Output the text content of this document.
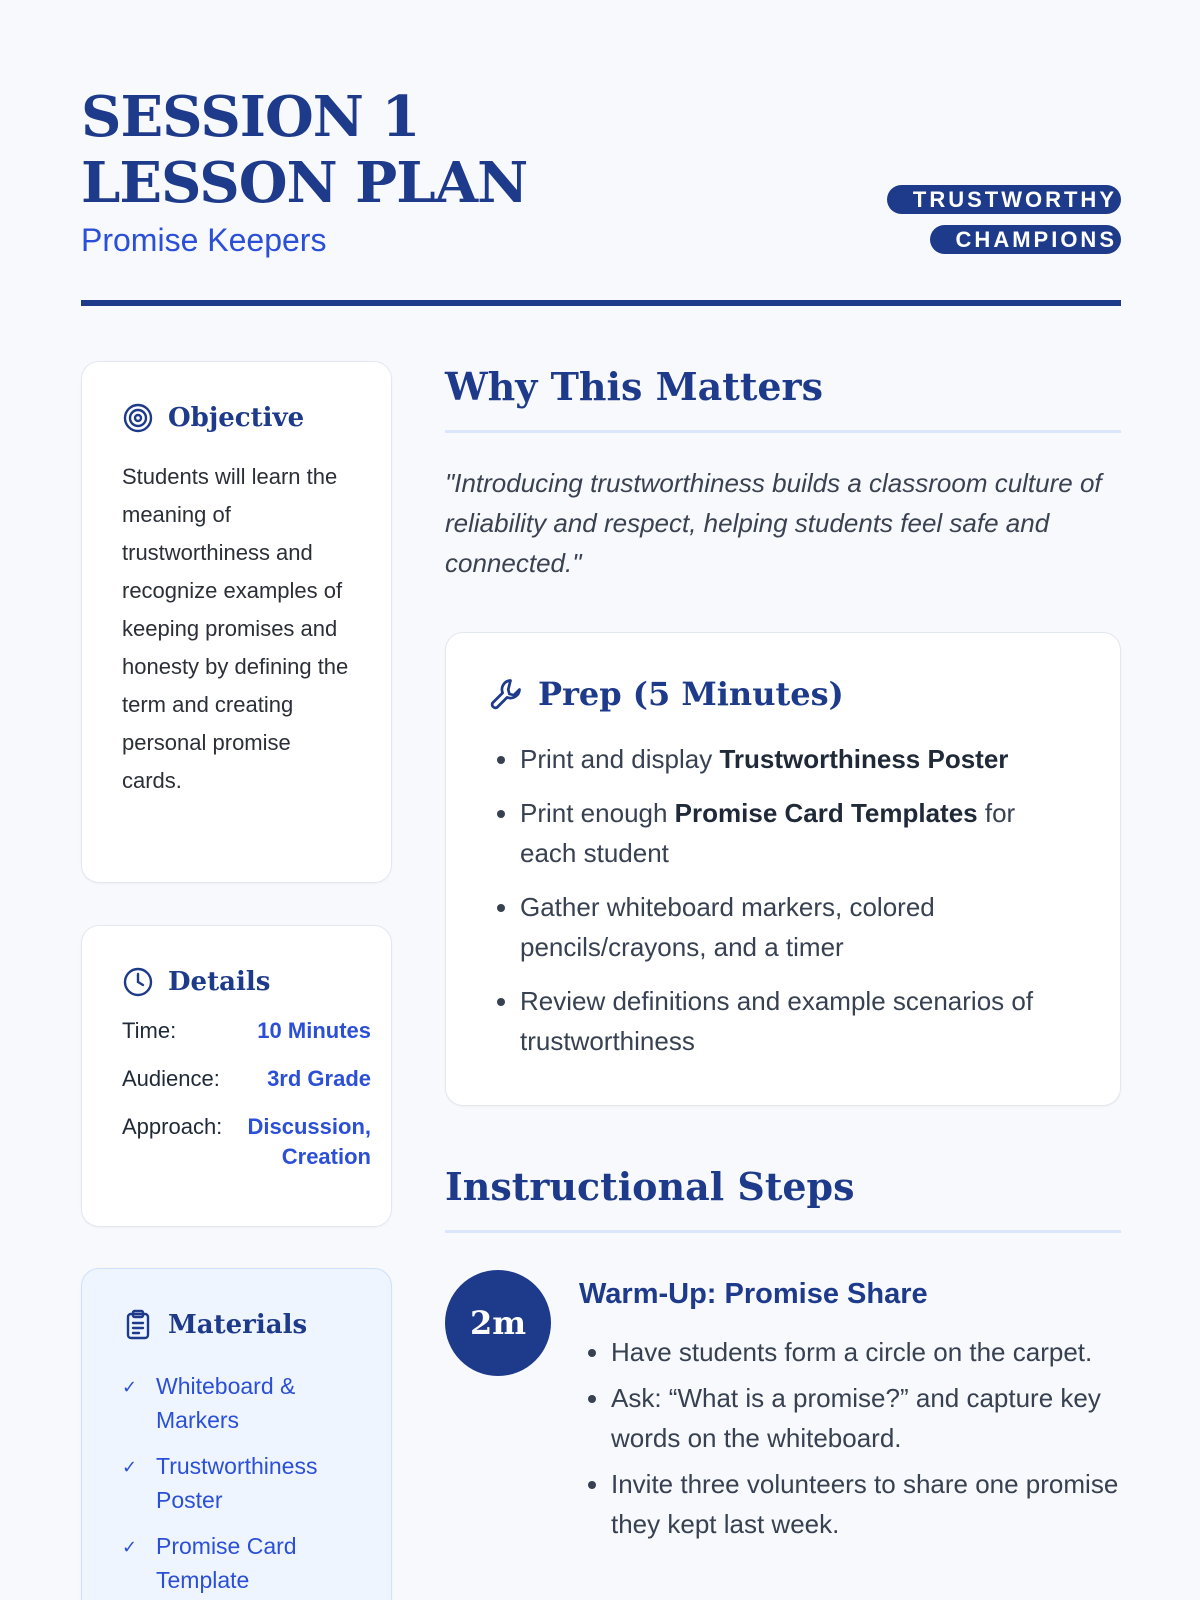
SESSION 1 LESSON PLAN
Promise Keepers
TRUSTWORTHY CHAMPIONS
Objective

Students will learn the meaning of trustworthiness and recognize examples of keeping promises and honesty by defining the term and creating personal promise cards.

Details
Time:	10 Minutes
Audience:	3rd Grade
Approach:	Discussion, Creation
Materials
✓ Whiteboard & Markers
✓ Trustworthiness Poster
✓ Promise Card Template
Why This Matters

"Introducing trustworthiness builds a classroom culture of reliability and respect, helping students feel safe and connected."

Prep (5 Minutes)
• Print and display Trustworthiness Poster
• Print enough Promise Card Templates for each student
• Gather whiteboard markers, colored pencils/crayons, and a timer
• Review definitions and example scenarios of trustworthiness
Instructional Steps
2m
Warm-Up: Promise Share
• Have students form a circle on the carpet.
• Ask: “What is a promise?” and capture key words on the whiteboard.
• Invite three volunteers to share one promise they kept last week.
